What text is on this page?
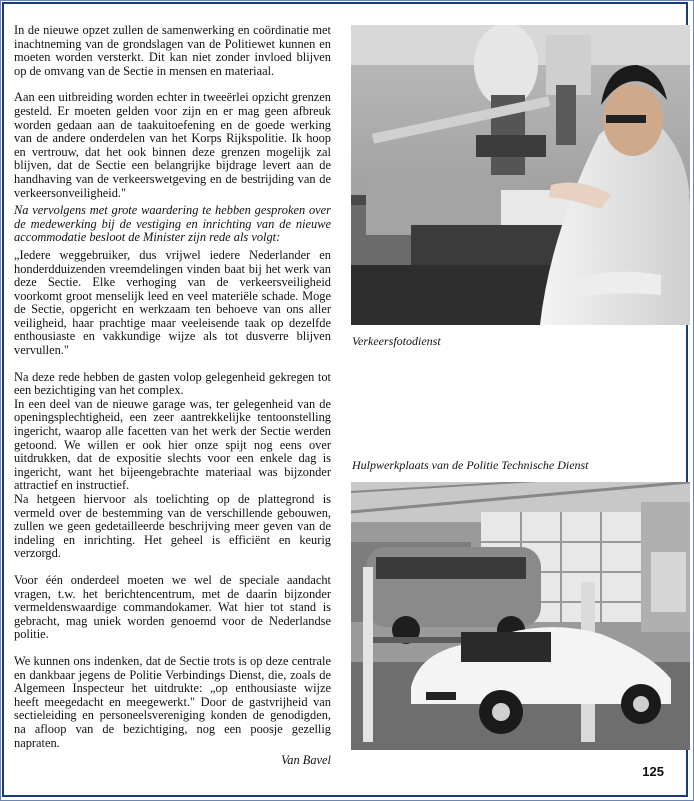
In de nieuwe opzet zullen de samenwerking en coördinatie met inachtneming van de grondslagen van de Politiewet kunnen en moeten worden versterkt. Dit kan niet zonder invloed blijven op de omvang van de Sectie in mensen en materiaal.

Aan een uitbreiding worden echter in tweeërlei opzicht grenzen gesteld. Er moeten gelden voor zijn en er mag geen afbreuk worden gedaan aan de taakuitoefening en de goede werking van de andere onderdelen van het Korps Rijkspolitie. Ik hoop en vertrouw, dat het ook binnen deze grenzen mogelijk zal blijven, dat de Sectie een belangrijke bijdrage levert aan de handhaving van de verkeerswetgeving en de bestrijding van de verkeersonveiligheid."

Na vervolgens met grote waardering te hebben gesproken over de medewerking bij de vestiging en inrichting van de nieuwe accommodatie besloot de Minister zijn rede als volgt:

„Iedere weggebruiker, dus vrijwel iedere Nederlander en honderdduizenden vreemdelingen vinden baat bij het werk van deze Sectie. Elke verhoging van de verkeersveiligheid voorkomt groot menselijk leed en veel materiële schade. Moge de Sectie, opgericht en werkzaam ten behoeve van ons aller veiligheid, haar prachtige maar veeleisende taak op dezelfde enthousiaste en vakkundige wijze als tot dusverre blijven vervullen."

Na deze rede hebben de gasten volop gelegenheid gekregen tot een bezichtiging van het complex.

In een deel van de nieuwe garage was, ter gelegenheid van de openingsplechtigheid, een zeer aantrekkelijke tentoonstelling ingericht, waarop alle facetten van het werk der Sectie werden getoond. We willen er ook hier onze spijt nog eens over uitdrukken, dat de expositie slechts voor een enkele dag is ingericht, want het bijeengebrachte materiaal was bijzonder attractief en instructief.

Na hetgeen hiervoor als toelichting op de plattegrond is vermeld over de bestemming van de verschillende gebouwen, zullen we geen gedetailleerde beschrijving meer geven van de indeling en inrichting. Het geheel is efficiënt en keurig verzorgd.

Voor één onderdeel moeten we wel de speciale aandacht vragen, t.w. het berichtencentrum, met de daarin bijzonder vermeldenswaardige commandokamer. Wat hier tot stand is gebracht, mag uniek worden genoemd voor de Nederlandse politie.

We kunnen ons indenken, dat de Sectie trots is op deze centrale en dankbaar jegens de Politie Verbindings Dienst, die, zoals de Algemeen Inspecteur het uitdrukte: „op enthousiaste wijze heeft meegedacht en meegewerkt." Door de gastvrijheid van sectieleiding en personeelsvereniging konden de genodigden, na afloop van de bezichtiging, nog een poosje gezellig napraten.

Van Bavel
Verkeersfotodienst
Hulpwerkplaats van de Politie Technische Dienst
125
